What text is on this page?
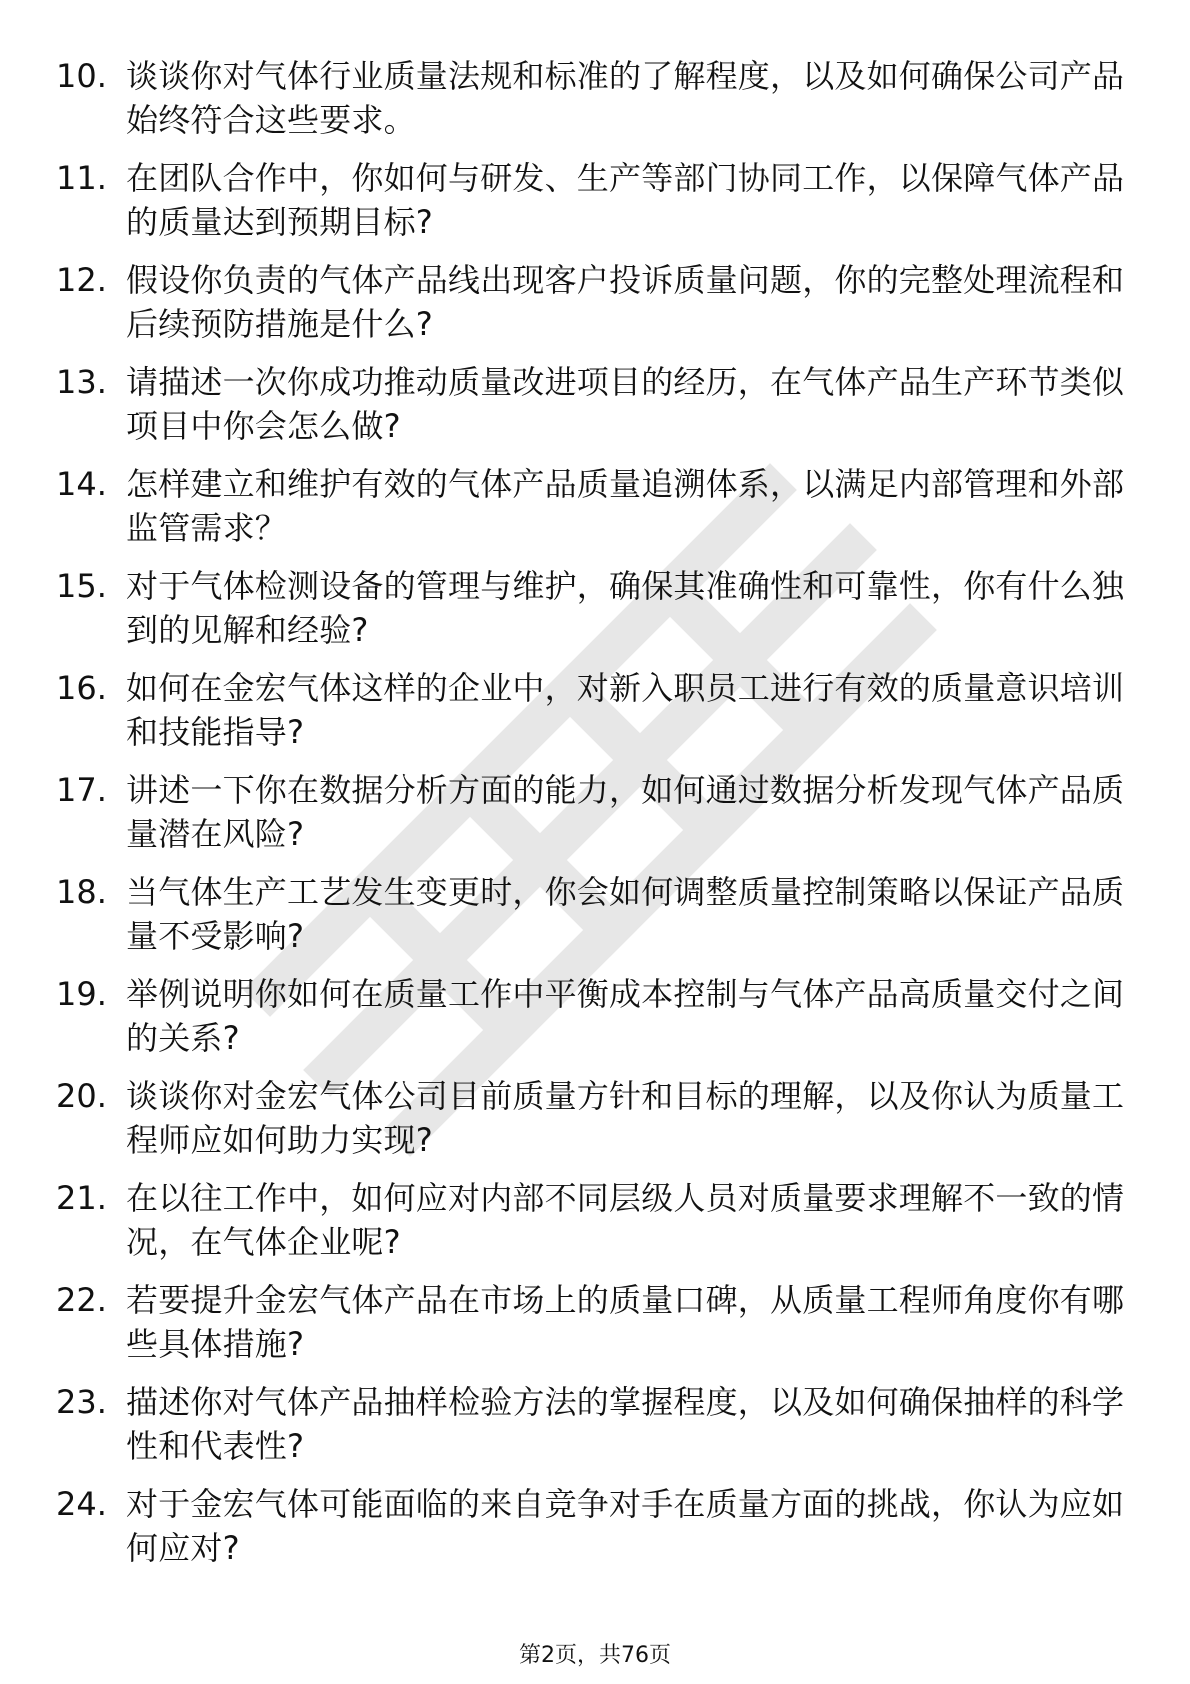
10. 谈谈你对气体行业质量法规和标准的了解程度，以及如何确保公司产品始终符合这些要求。
11. 在团队合作中，你如何与研发、生产等部门协同工作，以保障气体产品的质量达到预期目标?
12. 假设你负责的气体产品线出现客户投诉质量问题，你的完整处理流程和后续预防措施是什么?
13. 请描述一次你成功推动质量改进项目的经历，在气体产品生产环节类似项目中你会怎么做?
14. 怎样建立和维护有效的气体产品质量追溯体系，以满足内部管理和外部监管需求？
15. 对于气体检测设备的管理与维护，确保其准确性和可靠性，你有什么独到的见解和经验?
16. 如何在金宏气体这样的企业中，对新入职员工进行有效的质量意识培训和技能指导?
17. 讲述一下你在数据分析方面的能力，如何通过数据分析发现气体产品质量潜在风险?
18. 当气体生产工艺发生变更时，你会如何调整质量控制策略以保证产品质量不受影响?
19. 举例说明你如何在质量工作中平衡成本控制与气体产品高质量交付之间的关系?
20. 谈谈你对金宏气体公司目前质量方针和目标的理解，以及你认为质量工程师应如何助力实现?
21. 在以往工作中，如何应对内部不同层级人员对质量要求理解不一致的情况，在气体企业呢?
22. 若要提升金宏气体产品在市场上的质量口碑，从质量工程师角度你有哪些具体措施?
23. 描述你对气体产品抽样检验方法的掌握程度，以及如何确保抽样的科学性和代表性?
24. 对于金宏气体可能面临的来自竞争对手在质量方面的挑战，你认为应如何应对?
第2页，共76页
